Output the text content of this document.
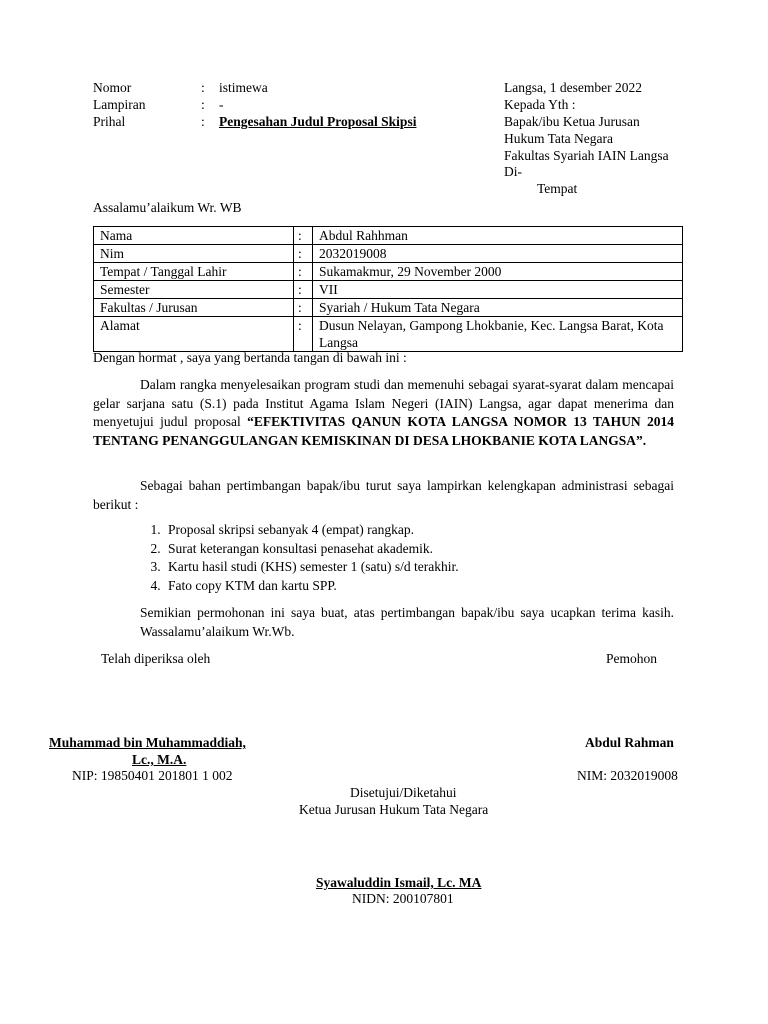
Nomor	: istimewa
Lampiran	: -
Prihal	: Pengesahan Judul Proposal Skipsi
Langsa, 1 desember 2022
Kepada Yth :
Bapak/ibu Ketua Jurusan
Hukum Tata Negara
Fakultas Syariah IAIN Langsa
Di-
Tempat
Assalamu’alaikum Wr. WB
Nama	:	Abdul Rahhman
Nim	:	2032019008
Tempat / Tanggal Lahir	:	Sukamakmur, 29 November 2000
Semester	:	VII
Fakultas / Jurusan	:	Syariah / Hukum Tata Negara
Alamat	:	Dusun Nelayan, Gampong Lhokbanie, Kec. Langsa Barat, Kota Langsa
Dengan hormat , saya yang bertanda tangan di bawah ini :
Dalam rangka menyelesaikan program studi dan memenuhi sebagai syarat-syarat dalam mencapai gelar sarjana satu (S.1) pada Institut Agama Islam Negeri (IAIN) Langsa, agar dapat menerima dan menyetujui judul proposal “EFEKTIVITAS QANUN KOTA LANGSA NOMOR 13 TAHUN 2014 TENTANG PENANGGULANGAN KEMISKINAN DI DESA LHOKBANIE KOTA LANGSA”.
Sebagai bahan pertimbangan bapak/ibu turut saya lampirkan kelengkapan administrasi sebagai berikut :
1. Proposal skripsi sebanyak 4 (empat) rangkap.
2. Surat keterangan konsultasi penasehat akademik.
3. Kartu hasil studi (KHS) semester 1 (satu) s/d terakhir.
4. Fato copy KTM dan kartu SPP.
Semikian permohonan ini saya buat, atas pertimbangan bapak/ibu saya ucapkan terima kasih. Wassalamu’alaikum Wr.Wb.
Telah diperiksa oleh	Pemohon
Muhammad bin Muhammaddiah,
Lc., M.A.
NIP: 19850401 201801 1 002
Abdul Rahman
NIM: 2032019008
Disetujui/Diketahui
Ketua Jurusan Hukum Tata Negara
Syawaluddin Ismail, Lc. MA
NIDN: 200107801
